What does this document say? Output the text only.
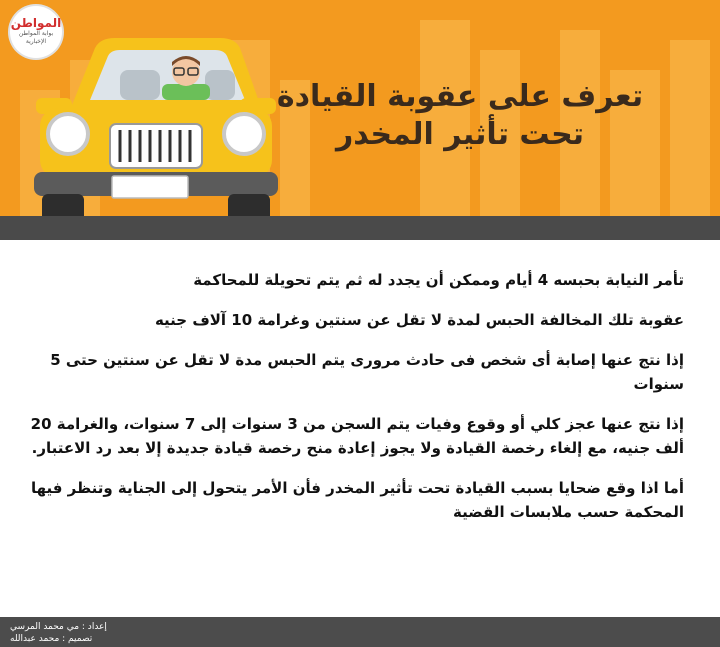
المواطن
بوابة المواطن الإخبارية
تعرف على عقوبة القيادة
تحت تأثير المخدر

تأمر النيابة بحبسه 4 أيام وممكن أن يجدد له ثم يتم تحويلة للمحاكمة

عقوبة تلك المخالفة الحبس لمدة لا تقل عن سنتين وغرامة 10 آلاف جنيه

إذا نتج عنها إصابة أى شخص فى حادث مرورى يتم الحبس مدة لا تقل عن سنتين حتى 5 سنوات

إذا نتج عنها عجز كلي أو وقوع وفيات يتم السجن من 3 سنوات إلى 7 سنوات، والغرامة 20 ألف جنيه، مع إلغاء رخصة القيادة ولا يجوز إعادة منح رخصة قيادة جديدة إلا بعد رد الاعتبار.

أما اذا وقع ضحايا بسبب القيادة تحت تأثير المخدر فأن الأمر يتحول إلى الجناية وتنظر فيها المحكمة حسب ملابسات القضية

إعداد : مي محمد المرسي
تصميم : محمد عبدالله
